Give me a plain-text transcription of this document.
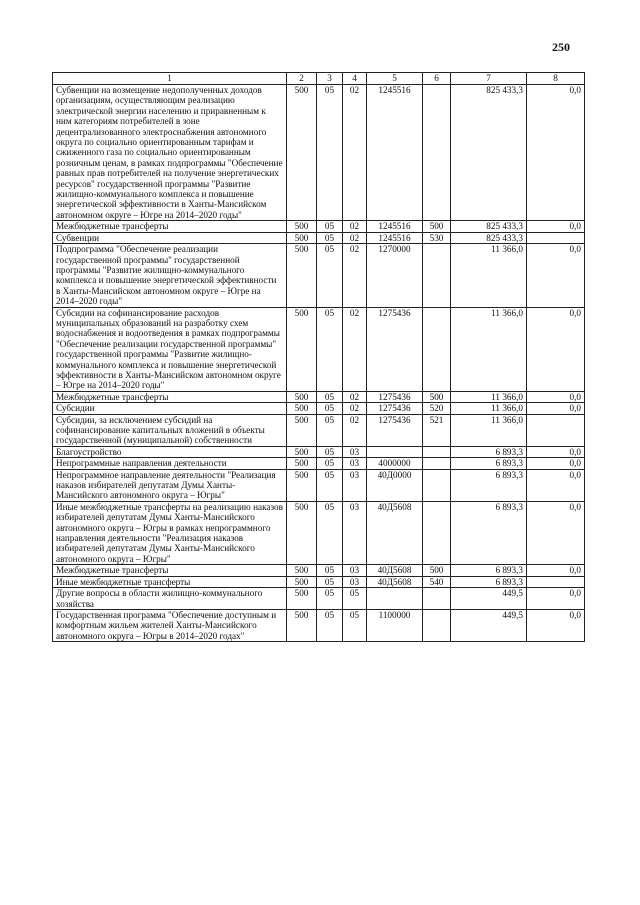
250
1	2	3	4	5	6	7	8
Субвенции на возмещение недополученных доходов организациям, осуществляющим реализацию электрической энергии населению и приравненным к ним категориям потребителей в зоне децентрализованного электроснабжения автономного округа по социально ориентированным тарифам и сжиженного газа по социально ориентированным розничным ценам, в рамках подпрограммы "Обеспечение равных прав потребителей на получение энергетических ресурсов" государственной программы "Развитие жилищно-коммунального комплекса и повышение энергетической эффективности в Ханты-Мансийском автономном округе – Югре на 2014–2020 годы"	500	05	02	1245516		825 433,3	0,0
Межбюджетные трансферты	500	05	02	1245516	500	825 433,3	0,0
Субвенции	500	05	02	1245516	530	825 433,3	
Подпрограмма "Обеспечение реализации государственной программы" государственной программы "Развитие жилищно-коммунального комплекса и повышение энергетической эффективности в Ханты-Мансийском автономном округе – Югре на 2014–2020 годы"	500	05	02	1270000		11 366,0	0,0
Субсидии на софинансирование расходов муниципальных образований на разработку схем водоснабжения и водоотведения в рамках подпрограммы "Обеспечение реализации государственной программы" государственной программы "Развитие жилищно-коммунального комплекса и повышение энергетической эффективности в Ханты-Мансийском автономном округе – Югре на 2014–2020 годы"	500	05	02	1275436		11 366,0	0,0
Межбюджетные трансферты	500	05	02	1275436	500	11 366,0	0,0
Субсидии	500	05	02	1275436	520	11 366,0	0,0
Субсидии, за исключением субсидий на софинансирование капитальных вложений в объекты государственной (муниципальной) собственности	500	05	02	1275436	521	11 366,0	
Благоустройство	500	05	03			6 893,3	0,0
Непрограммные направления деятельности	500	05	03	4000000		6 893,3	0,0
Непрограммное направление деятельности "Реализация наказов избирателей депутатам Думы Ханты-Мансийского автономного округа – Югры"	500	05	03	40Д0000		6 893,3	0,0
Иные межбюджетные трансферты на реализацию наказов избирателей депутатам Думы Ханты-Мансийского автономного округа – Югры в рамках непрограммного направления деятельности "Реализация наказов избирателей депутатам Думы Ханты-Мансийского автономного округа – Югры"	500	05	03	40Д5608		6 893,3	0,0
Межбюджетные трансферты	500	05	03	40Д5608	500	6 893,3	0,0
Иные межбюджетные трансферты	500	05	03	40Д5608	540	6 893,3	
Другие вопросы в области жилищно-коммунального хозяйства	500	05	05			449,5	0,0
Государственная программа "Обеспечение доступным и комфортным жильем жителей Ханты-Мансийского автономного округа – Югры в 2014–2020 годах"	500	05	05	1100000		449,5	0,0
